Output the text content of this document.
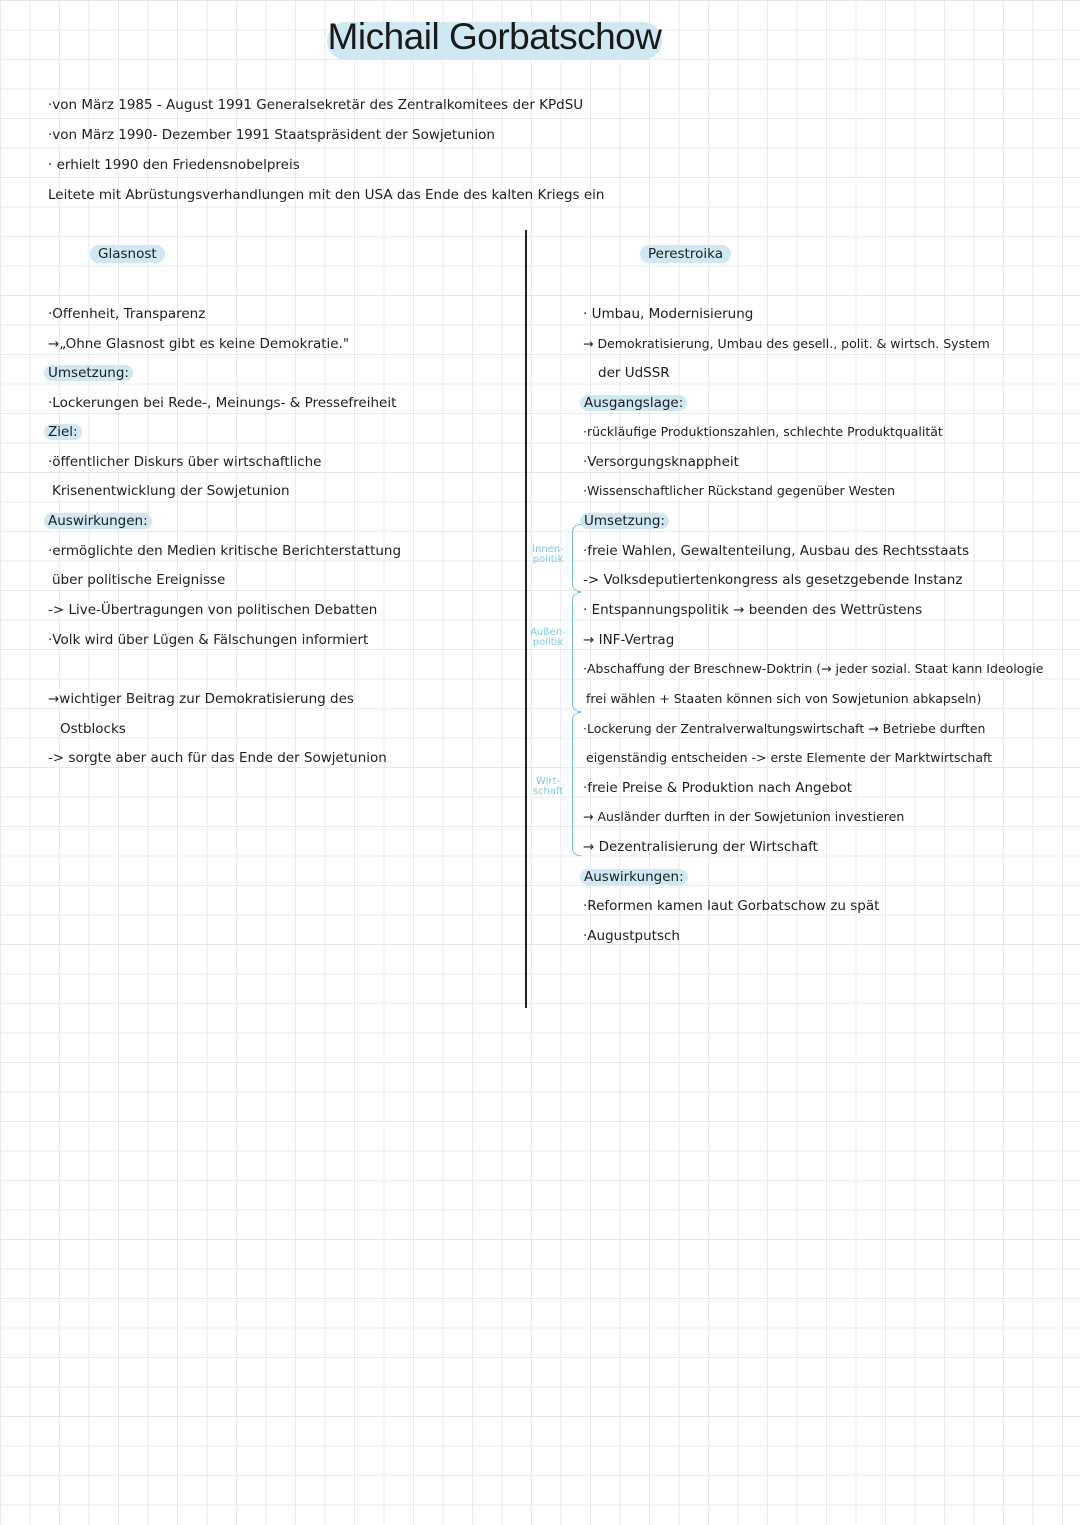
Michail Gorbatschow
·von März 1985 - August 1991 Generalsekretär des Zentralkomitees der KPdSU
·von März 1990- Dezember 1991 Staatspräsident der Sowjetunion
· erhielt 1990 den Friedensnobelpreis
Leitete mit Abrüstungsverhandlungen mit den USA das Ende des kalten Kriegs ein
Glasnost
·Offenheit, Transparenz
→„Ohne Glasnost gibt es keine Demokratie."
Umsetzung:
·Lockerungen bei Rede-, Meinungs- & Pressefreiheit
Ziel:
·öffentlicher Diskurs über wirtschaftliche
Krisenentwicklung der Sowjetunion
Auswirkungen:
·ermöglichte den Medien kritische Berichterstattung
über politische Ereignisse
-> Live-Übertragungen von politischen Debatten
·Volk wird über Lügen & Fälschungen informiert
→wichtiger Beitrag zur Demokratisierung des
Ostblocks
-> sorgte aber auch für das Ende der Sowjetunion
Perestroika
· Umbau, Modernisierung
→ Demokratisierung, Umbau des gesell., polit. & wirtsch. System
der UdSSR
Ausgangslage:
·rückläufige Produktionszahlen, schlechte Produktqualität
·Versorgungsknappheit
·Wissenschaftlicher Rückstand gegenüber Westen
Umsetzung:
Innen-
politik
Außen-
politik
Wirt-
schaft
·freie Wahlen, Gewaltenteilung, Ausbau des Rechtsstaats
-> Volksdeputiertenkongress als gesetzgebende Instanz
· Entspannungspolitik → beenden des Wettrüstens
→ INF-Vertrag
·Abschaffung der Breschnew-Doktrin (→ jeder sozial. Staat kann Ideologie
frei wählen + Staaten können sich von Sowjetunion abkapseln)
·Lockerung der Zentralverwaltungswirtschaft → Betriebe durften
eigenständig entscheiden -> erste Elemente der Marktwirtschaft
·freie Preise & Produktion nach Angebot
→ Ausländer durften in der Sowjetunion investieren
→ Dezentralisierung der Wirtschaft
Auswirkungen:
·Reformen kamen laut Gorbatschow zu spät
·Augustputsch
